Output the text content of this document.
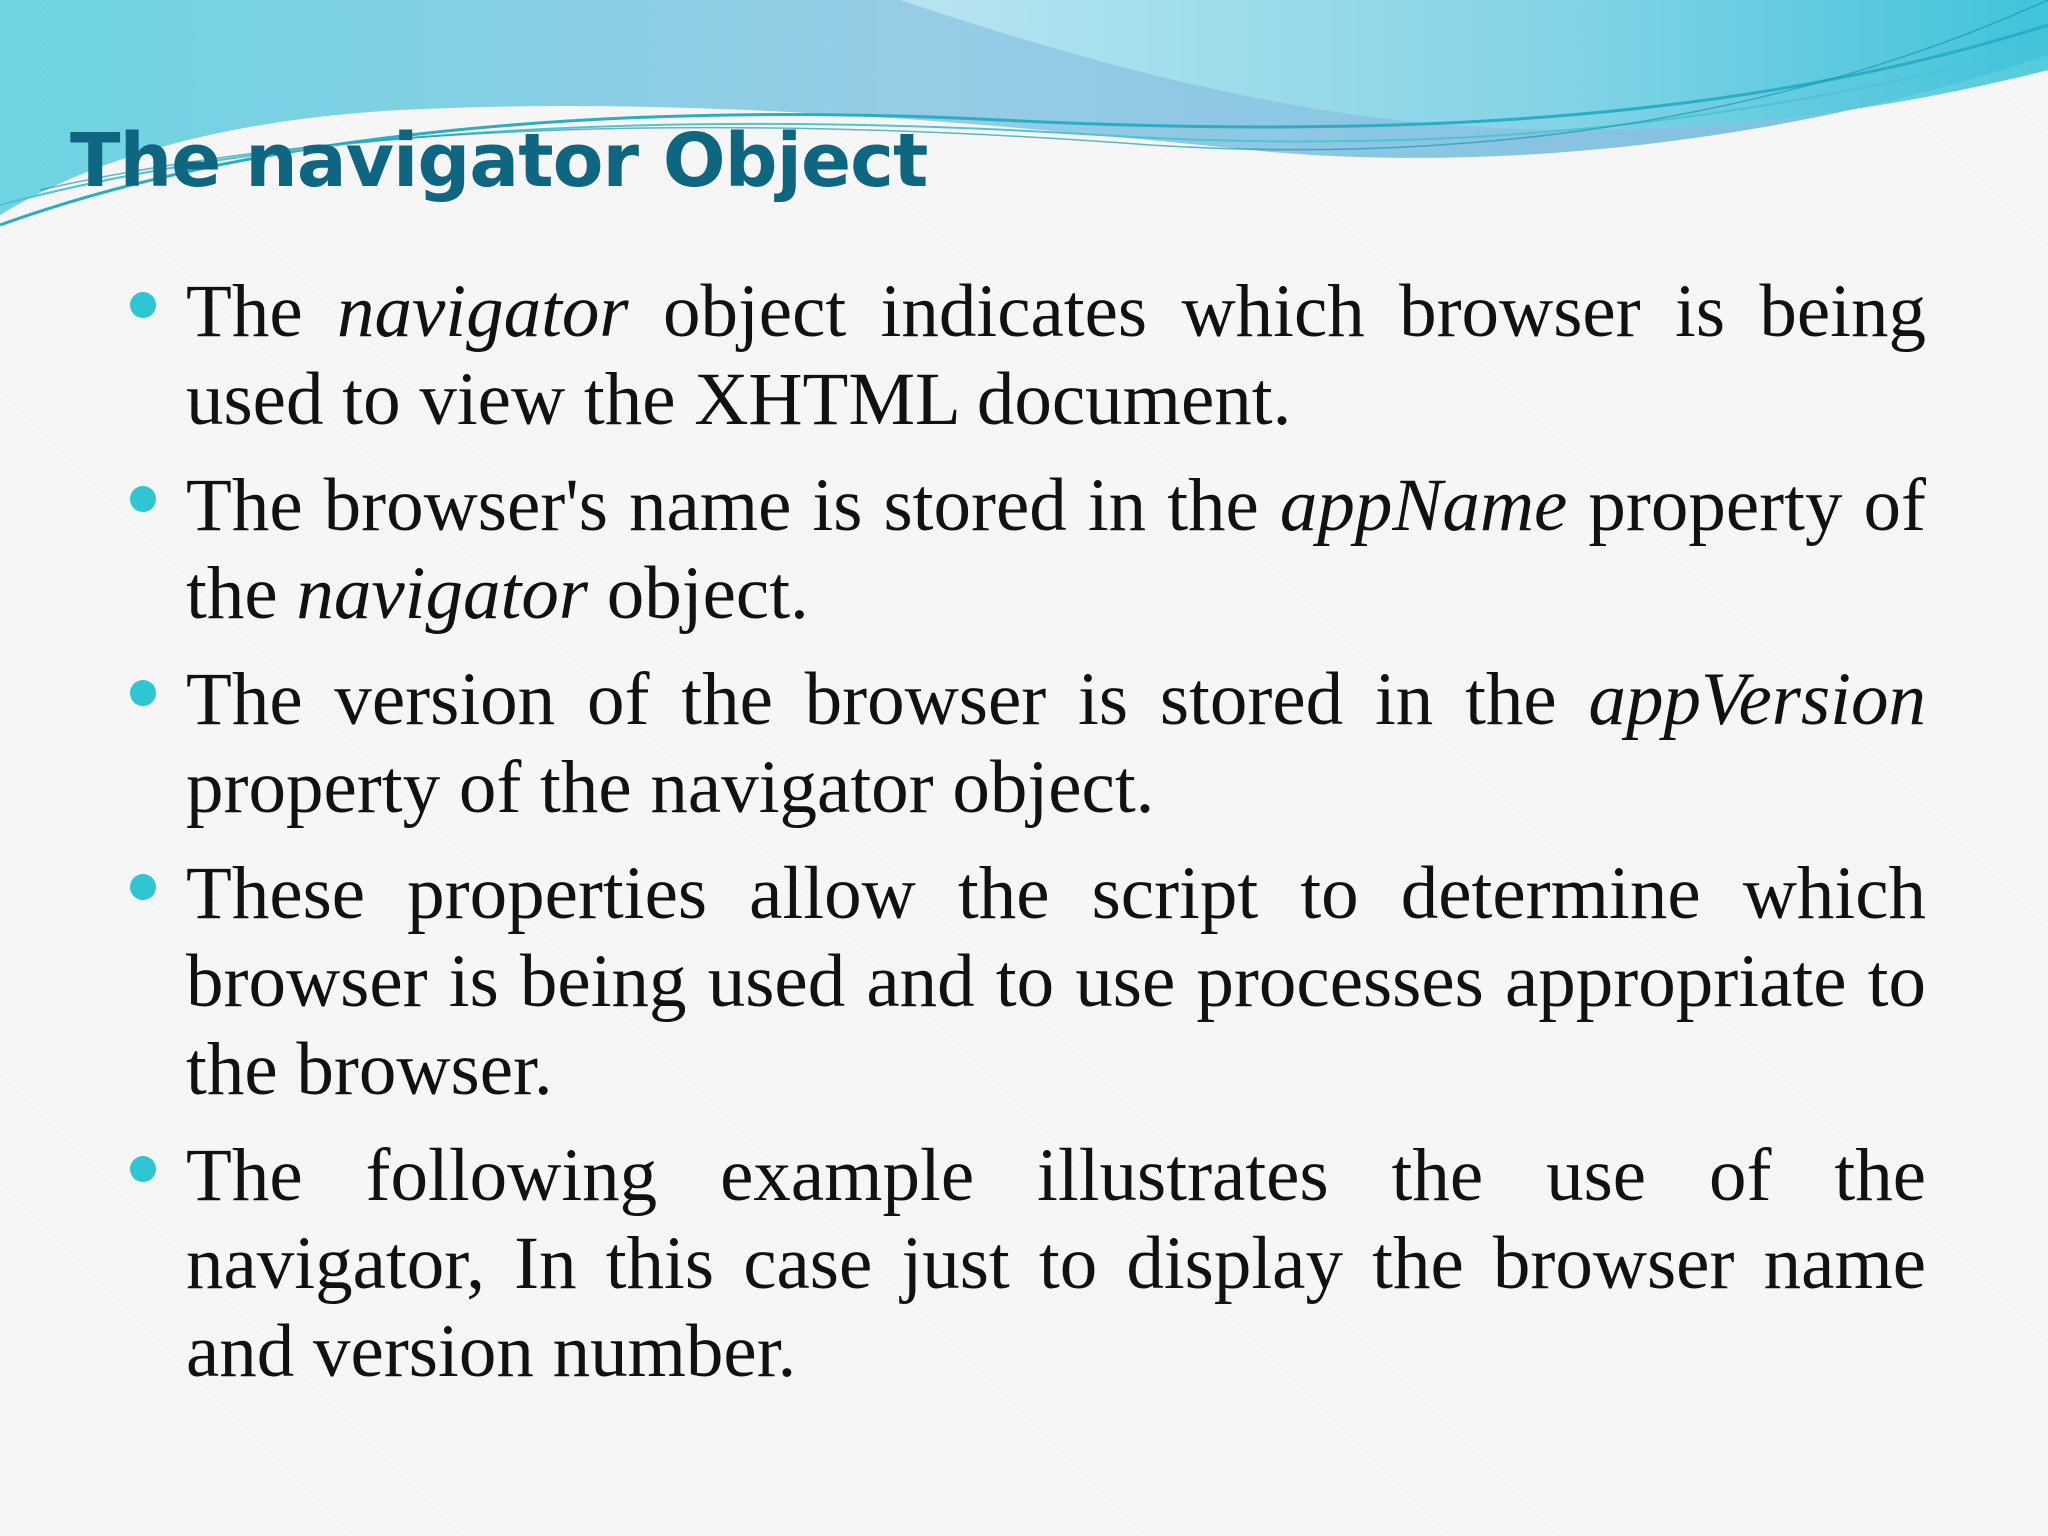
The navigator Object
The navigator object indicates which browser is being used to view the XHTML document.
The browser's name is stored in the appName property of the navigator object.
The version of the browser is stored in the appVersion property of the navigator object.
These properties allow the script to determine which browser is being used and to use processes appropriate to the browser.
The following example illustrates the use of the navigator, In this case just to display the browser name and version number.
